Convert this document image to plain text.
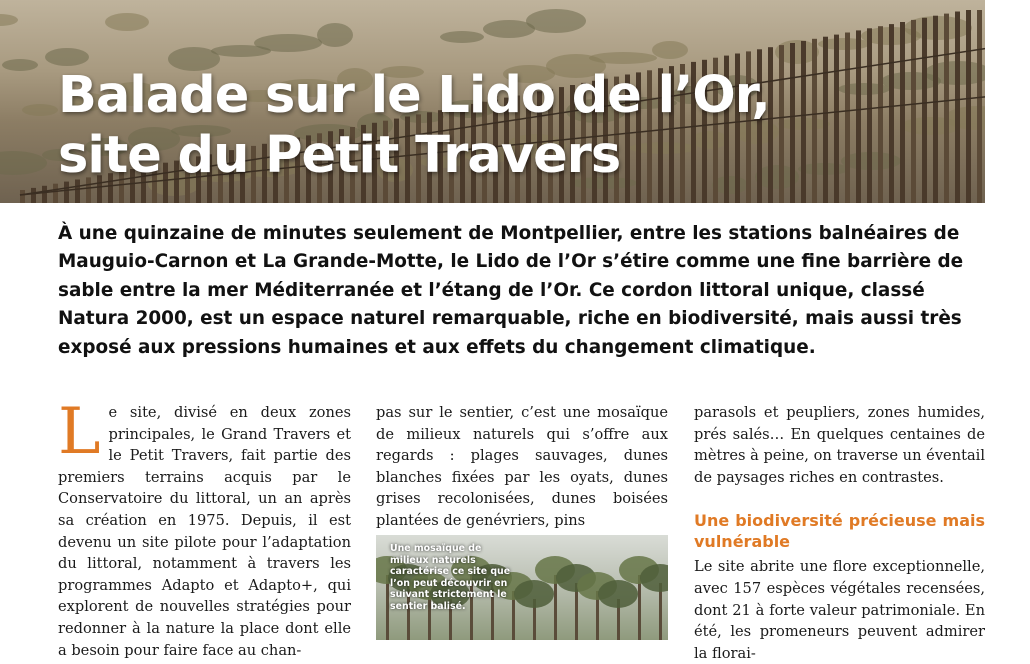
Balade sur le Lido de l’Or,
site du Petit Travers

À une quinzaine de minutes seulement de Montpellier, entre les stations balnéaires de Mauguio-Carnon et La Grande-Motte, le Lido de l’Or s’étire comme une fine barrière de sable entre la mer Méditerranée et l’étang de l’Or. Ce cordon littoral unique, classé Natura 2000, est un espace naturel remarquable, riche en biodiversité, mais aussi très exposé aux pressions humaines et aux effets du changement climatique.

L e site, divisé en deux zones principales, le Grand Travers et le Petit Travers, fait partie des premiers terrains acquis par le Conservatoire du littoral, un an après sa création en 1975. Depuis, il est devenu un site pilote pour l’adaptation du littoral, notamment à travers les programmes Adapto et Adapto+, qui explorent de nouvelles stratégies pour redonner à la nature la place dont elle a besoin pour faire face au chan-

pas sur le sentier, c’est une mosaïque de milieux naturels qui s’offre aux regards : plages sauvages, dunes blanches fixées par les oyats, dunes grises recolonisées, dunes boisées plantées de genévriers, pins

Une mosaïque de milieux naturels caractérise ce site que l’on peut découvrir en suivant strictement le sentier balisé.

parasols et peupliers, zones humides, prés salés… En quelques centaines de mètres à peine, on traverse un éventail de paysages riches en contrastes.

Une biodiversité précieuse mais vulnérable

Le site abrite une flore exceptionnelle, avec 157 espèces végétales recensées, dont 21 à forte valeur patrimoniale. En été, les promeneurs peuvent admirer la florai-
